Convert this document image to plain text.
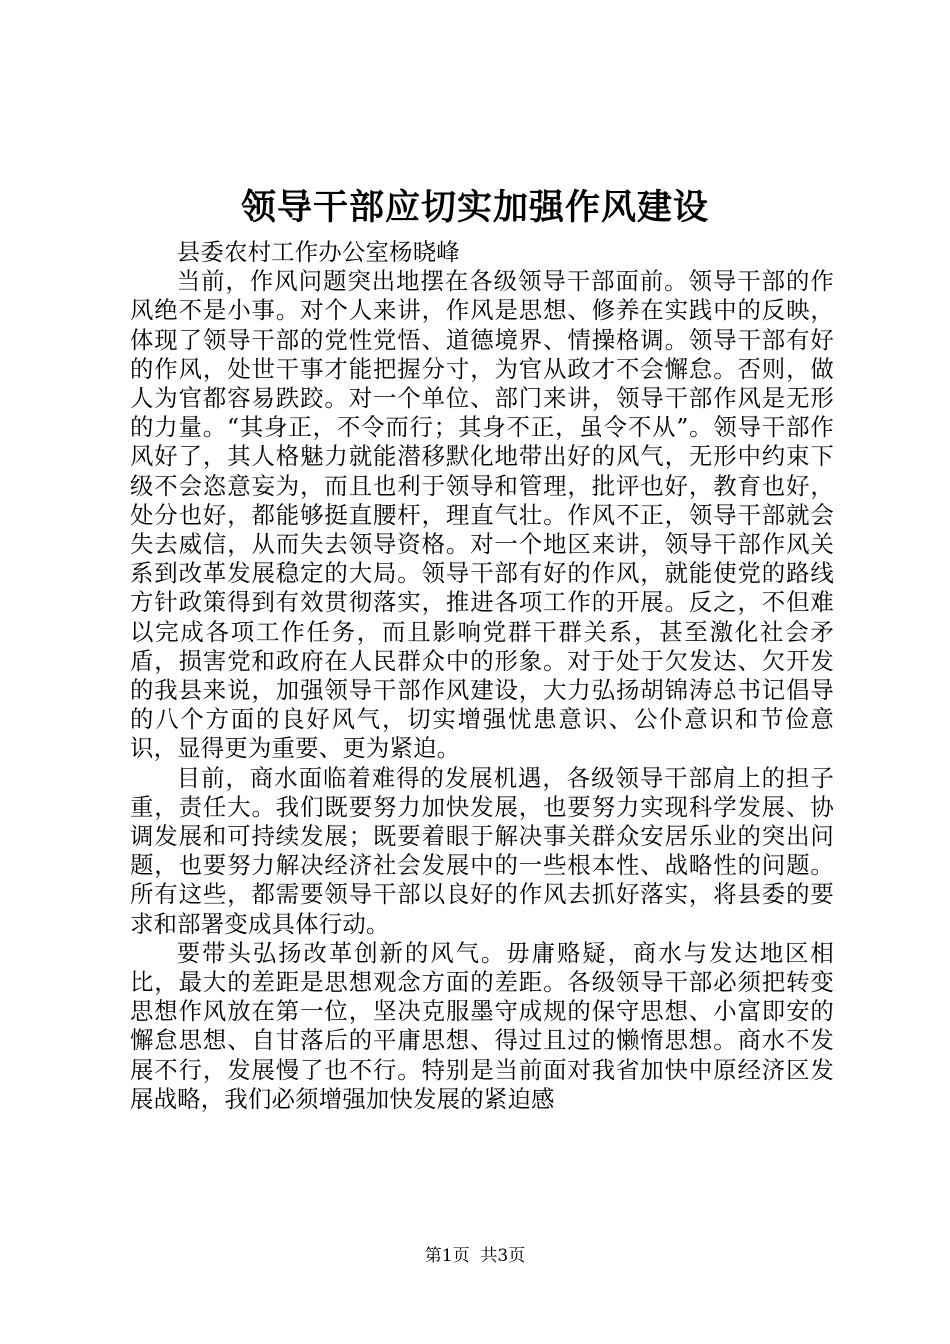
领导干部应切实加强作风建设

县委农村工作办公室杨晓峰

当前，作风问题突出地摆在各级领导干部面前。领导干部的作风绝不是小事。对个人来讲，作风是思想、修养在实践中的反映，体现了领导干部的党性党悟、道德境界、情操格调。领导干部有好的作风，处世干事才能把握分寸，为官从政才不会懈怠。否则，做人为官都容易跌跤。对一个单位、部门来讲，领导干部作风是无形的力量。“其身正，不令而行；其身不正，虽令不从”。领导干部作风好了，其人格魅力就能潜移默化地带出好的风气，无形中约束下级不会恣意妄为，而且也利于领导和管理，批评也好，教育也好，处分也好，都能够挺直腰杆，理直气壮。作风不正，领导干部就会失去威信，从而失去领导资格。对一个地区来讲，领导干部作风关系到改革发展稳定的大局。领导干部有好的作风，就能使党的路线方针政策得到有效贯彻落实，推进各项工作的开展。反之，不但难以完成各项工作任务，而且影响党群干群关系，甚至激化社会矛盾，损害党和政府在人民群众中的形象。对于处于欠发达、欠开发的我县来说，加强领导干部作风建设，大力弘扬胡锦涛总书记倡导的八个方面的良好风气，切实增强忧患意识、公仆意识和节俭意识，显得更为重要、更为紧迫。

目前，商水面临着难得的发展机遇，各级领导干部肩上的担子重，责任大。我们既要努力加快发展，也要努力实现科学发展、协调发展和可持续发展；既要着眼于解决事关群众安居乐业的突出问题，也要努力解决经济社会发展中的一些根本性、战略性的问题。所有这些，都需要领导干部以良好的作风去抓好落实，将县委的要求和部署变成具体行动。

要带头弘扬改革创新的风气。毋庸赂疑，商水与发达地区相比，最大的差距是思想观念方面的差距。各级领导干部必须把转变思想作风放在第一位，坚决克服墨守成规的保守思想、小富即安的懈怠思想、自甘落后的平庸思想、得过且过的懒惰思想。商水不发展不行，发展慢了也不行。特别是当前面对我省加快中原经济区发展战略，我们必须增强加快发展的紧迫感

第1页 共3页
